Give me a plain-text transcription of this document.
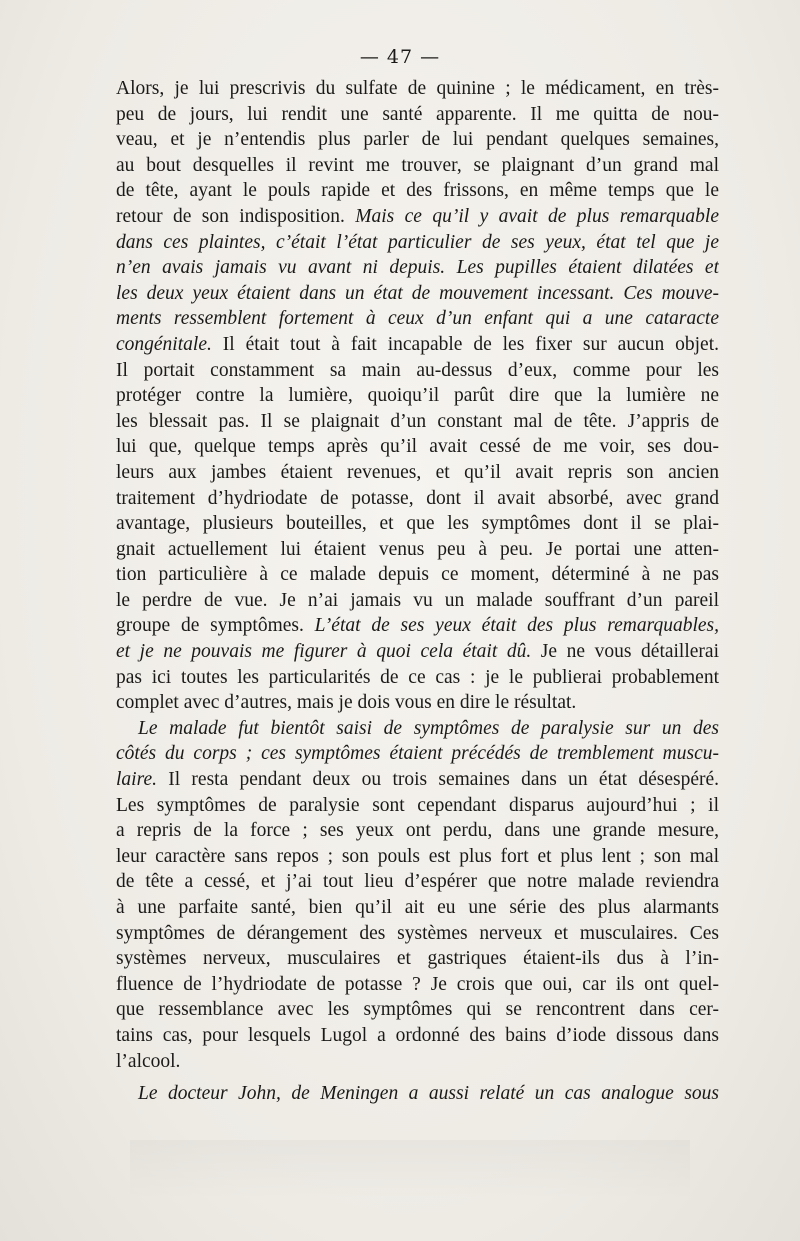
— 47 —
Alors, je lui prescrivis du sulfate de quinine ; le médicament, en très-
peu de jours, lui rendit une santé apparente. Il me quitta de nou-
veau, et je n’entendis plus parler de lui pendant quelques semaines,
au bout desquelles il revint me trouver, se plaignant d’un grand mal
de tête, ayant le pouls rapide et des frissons, en même temps que le
retour de son indisposition. Mais ce qu’il y avait de plus remarquable
dans ces plaintes, c’était l’état particulier de ses yeux, état tel que je
n’en avais jamais vu avant ni depuis. Les pupilles étaient dilatées et
les deux yeux étaient dans un état de mouvement incessant. Ces mouve-
ments ressemblent fortement à ceux d’un enfant qui a une cataracte
congénitale. Il était tout à fait incapable de les fixer sur aucun objet.
Il portait constamment sa main au-dessus d’eux, comme pour les
protéger contre la lumière, quoiqu’il parût dire que la lumière ne
les blessait pas. Il se plaignait d’un constant mal de tête. J’appris de
lui que, quelque temps après qu’il avait cessé de me voir, ses dou-
leurs aux jambes étaient revenues, et qu’il avait repris son ancien
traitement d’hydriodate de potasse, dont il avait absorbé, avec grand
avantage, plusieurs bouteilles, et que les symptômes dont il se plai-
gnait actuellement lui étaient venus peu à peu. Je portai une atten-
tion particulière à ce malade depuis ce moment, déterminé à ne pas
le perdre de vue. Je n’ai jamais vu un malade souffrant d’un pareil
groupe de symptômes. L’état de ses yeux était des plus remarquables,
et je ne pouvais me figurer à quoi cela était dû. Je ne vous détaillerai
pas ici toutes les particularités de ce cas : je le publierai probablement
complet avec d’autres, mais je dois vous en dire le résultat.
Le malade fut bientôt saisi de symptômes de paralysie sur un des
côtés du corps ; ces symptômes étaient précédés de tremblement muscu-
laire. Il resta pendant deux ou trois semaines dans un état désespéré.
Les symptômes de paralysie sont cependant disparus aujourd’hui ; il
a repris de la force ; ses yeux ont perdu, dans une grande mesure,
leur caractère sans repos ; son pouls est plus fort et plus lent ; son mal
de tête a cessé, et j’ai tout lieu d’espérer que notre malade reviendra
à une parfaite santé, bien qu’il ait eu une série des plus alarmants
symptômes de dérangement des systèmes nerveux et musculaires. Ces
systèmes nerveux, musculaires et gastriques étaient-ils dus à l’in-
fluence de l’hydriodate de potasse ? Je crois que oui, car ils ont quel-
que ressemblance avec les symptômes qui se rencontrent dans cer-
tains cas, pour lesquels Lugol a ordonné des bains d’iode dissous dans
l’alcool.
Le docteur John, de Meningen a aussi relaté un cas analogue sous
